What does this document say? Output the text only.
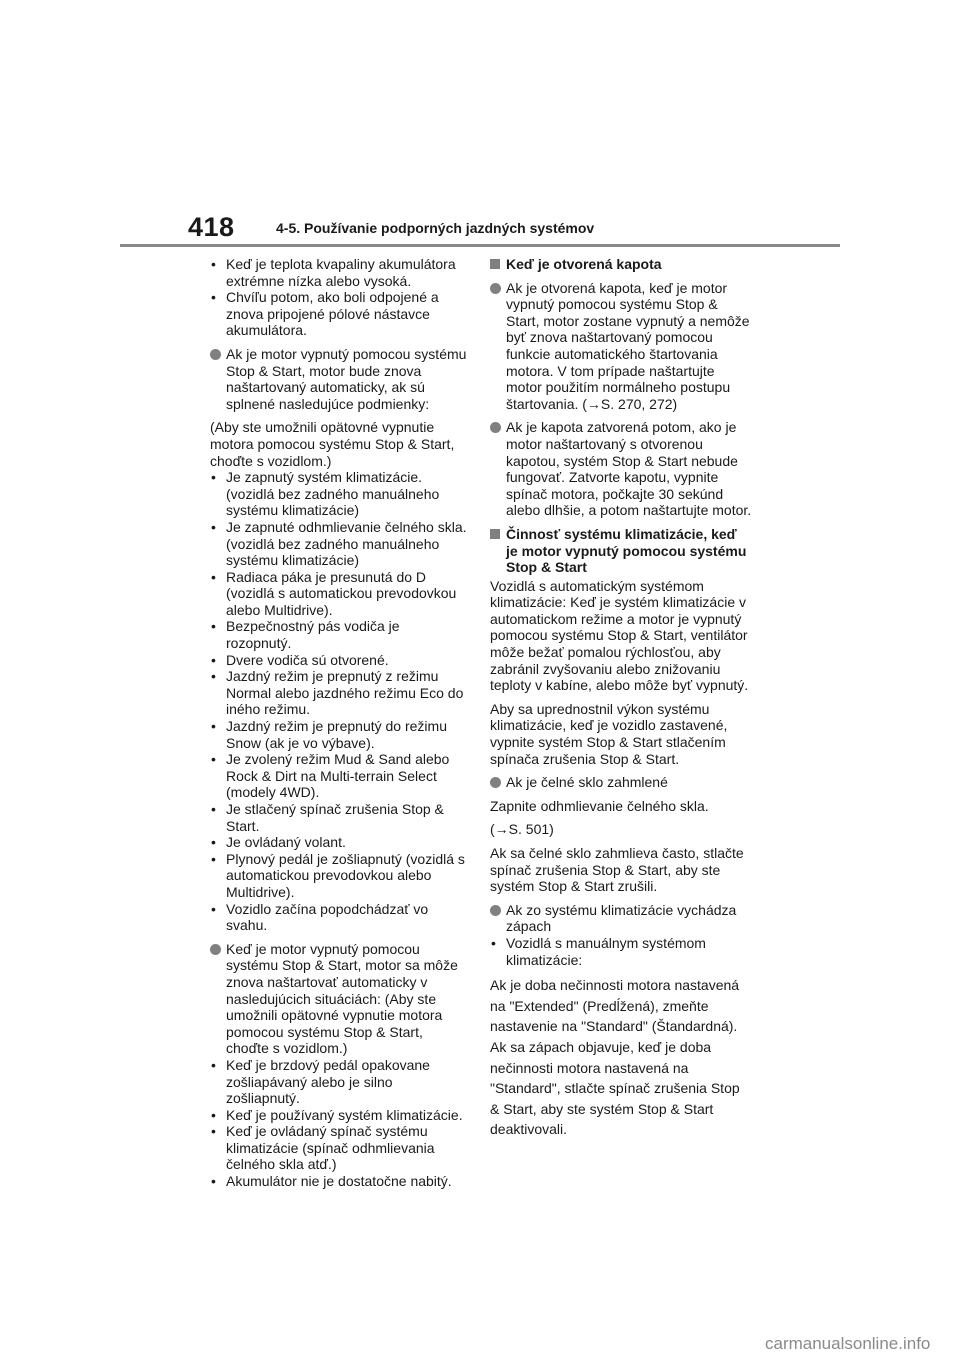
418	4-5. Používanie podporných jazdných systémov
• Keď je teplota kvapaliny akumulátora extrémne nízka alebo vysoká.
• Chvíľu potom, ako boli odpojené a znova pripojené pólové nástavce akumulátora.
Ak je motor vypnutý pomocou systému Stop & Start, motor bude znova naštartovaný automaticky, ak sú splnené nasledujúce podmienky:
(Aby ste umožnili opätovné vypnutie motora pomocou systému Stop & Start, choďte s vozidlom.)
• Je zapnutý systém klimatizácie. (vozidlá bez zadného manuálneho systému klimatizácie)
• Je zapnuté odhmlievanie čelného skla. (vozidlá bez zadného manuálneho systému klimatizácie)
• Radiaca páka je presunutá do D (vozidlá s automatickou prevodovkou alebo Multidrive).
• Bezpečnostný pás vodiča je rozopnutý.
• Dvere vodiča sú otvorené.
• Jazdný režim je prepnutý z režimu Normal alebo jazdného režimu Eco do iného režimu.
• Jazdný režim je prepnutý do režimu Snow (ak je vo výbave).
• Je zvolený režim Mud & Sand alebo Rock & Dirt na Multi-terrain Select (modely 4WD).
• Je stlačený spínač zrušenia Stop & Start.
• Je ovládaný volant.
• Plynový pedál je zošliapnutý (vozidlá s automatickou prevodovkou alebo Multidrive).
• Vozidlo začína popodchádzať vo svahu.
Keď je motor vypnutý pomocou systému Stop & Start, motor sa môže znova naštartovať automaticky v nasledujúcich situáciách: (Aby ste umožnili opätovné vypnutie motora pomocou systému Stop & Start, choďte s vozidlom.)
• Keď je brzdový pedál opakovane zošliapávaný alebo je silno zošliapnutý.
• Keď je používaný systém klimatizácie.
• Keď je ovládaný spínač systému klimatizácie (spínač odhmlievania čelného skla atď.)
• Akumulátor nie je dostatočne nabitý.
Keď je otvorená kapota
Ak je otvorená kapota, keď je motor vypnutý pomocou systému Stop & Start, motor zostane vypnutý a nemôže byť znova naštartovaný pomocou funkcie automatického štartovania motora. V tom prípade naštartujte motor použitím normálneho postupu štartovania. (→S. 270, 272)
Ak je kapota zatvorená potom, ako je motor naštartovaný s otvorenou kapotou, systém Stop & Start nebude fungovať. Zatvorte kapotu, vypnite spínač motora, počkajte 30 sekúnd alebo dlhšie, a potom naštartujte motor.
Činnosť systému klimatizácie, keď je motor vypnutý pomocou systému Stop & Start
Vozidlá s automatickým systémom klimatizácie: Keď je systém klimatizácie v automatickom režime a motor je vypnutý pomocou systému Stop & Start, ventilátor môže bežať pomalou rýchlosťou, aby zabránil zvyšovaniu alebo znižovaniu teploty v kabíne, alebo môže byť vypnutý.
Aby sa uprednostnil výkon systému klimatizácie, keď je vozidlo zastavené, vypnite systém Stop & Start stlačením spínača zrušenia Stop & Start.
Ak je čelné sklo zahmlené
Zapnite odhmlievanie čelného skla.
(→S. 501)
Ak sa čelné sklo zahmlieva často, stlačte spínač zrušenia Stop & Start, aby ste systém Stop & Start zrušili.
Ak zo systému klimatizácie vychádza zápach
• Vozidlá s manuálnym systémom klimatizácie:
Ak je doba nečinnosti motora nastavená na "Extended" (Predĺžená), zmeňte nastavenie na "Standard" (Štandardná). Ak sa zápach objavuje, keď je doba nečinnosti motora nastavená na "Standard", stlačte spínač zrušenia Stop & Start, aby ste systém Stop & Start deaktivovali.
carmanualsonline.info
